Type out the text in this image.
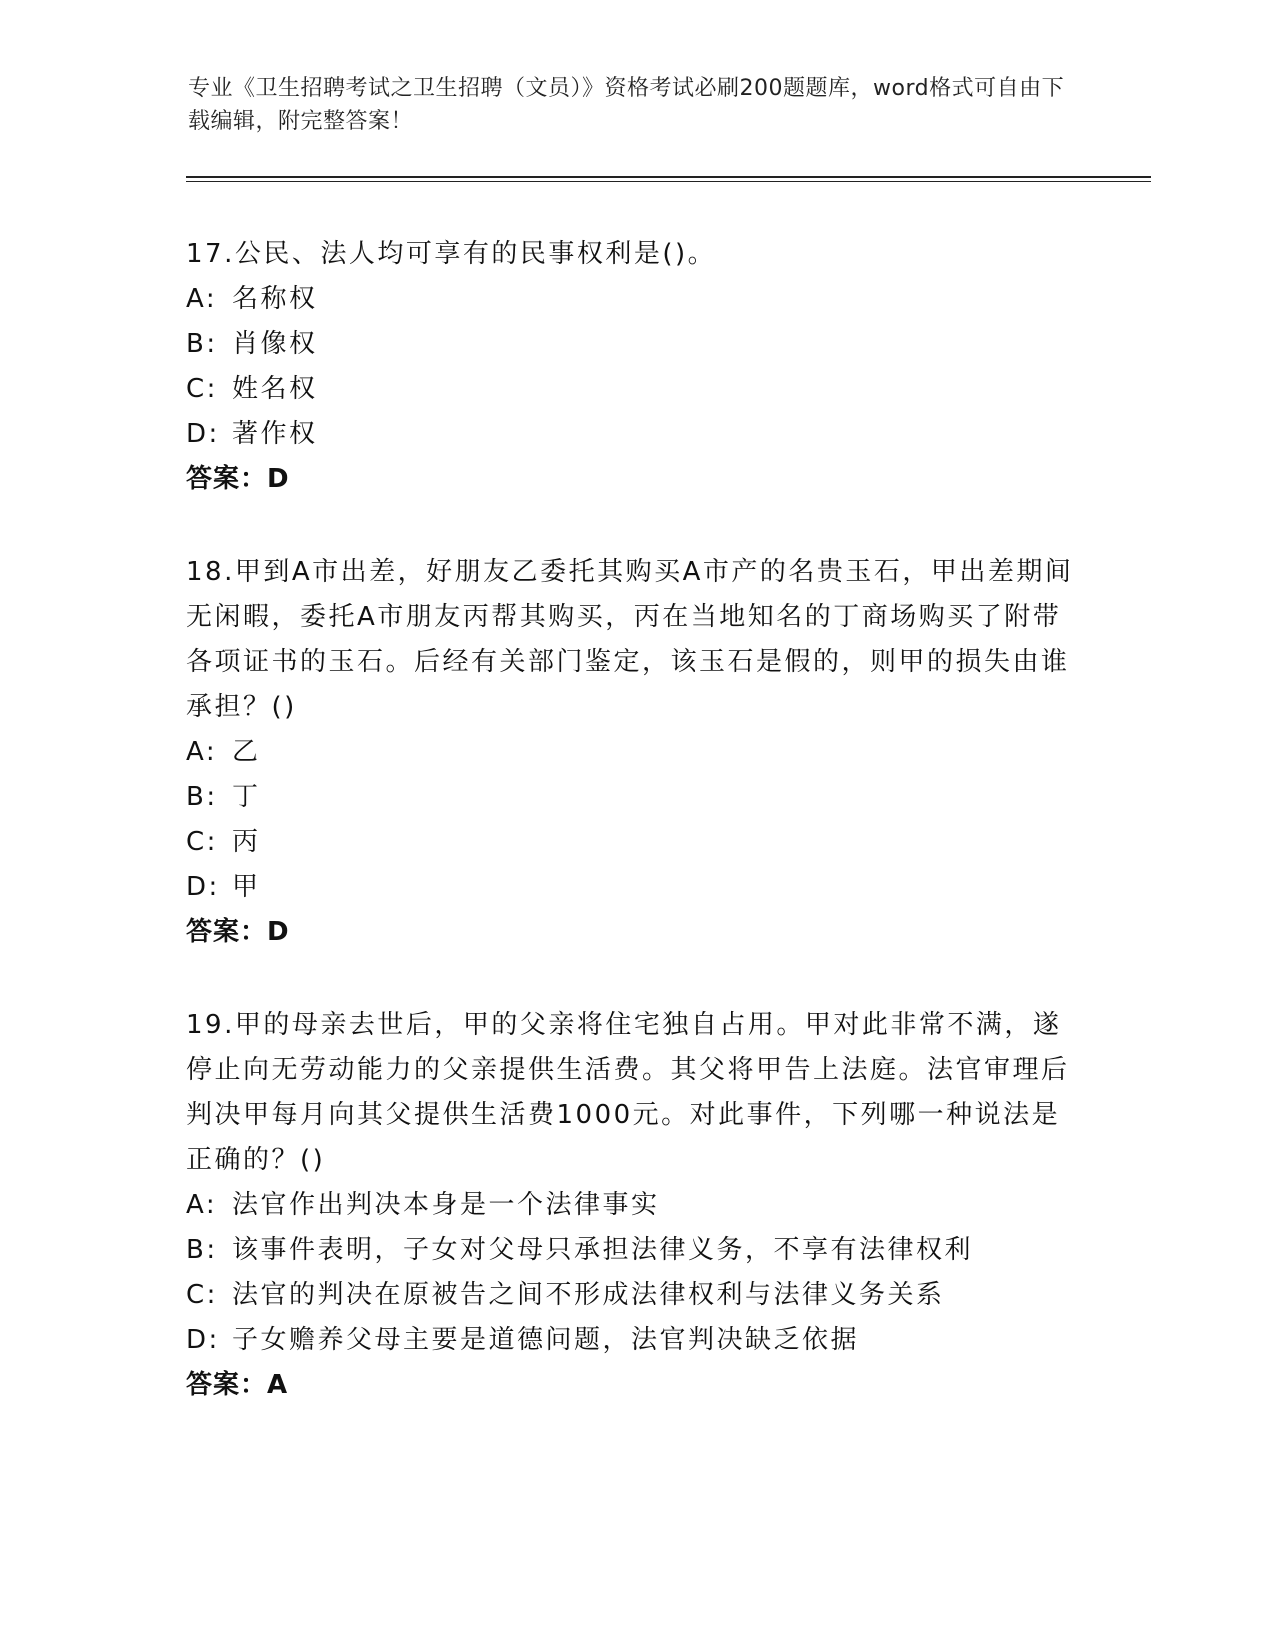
专业《卫生招聘考试之卫生招聘（文员）》资格考试必刷200题题库，word格式可自由下载编辑，附完整答案！

17.公民、法人均可享有的民事权利是()。

A: 名称权

B: 肖像权

C: 姓名权

D: 著作权

答案：D

18.甲到A市出差，好朋友乙委托其购买A市产的名贵玉石，甲出差期间无闲暇，委托A市朋友丙帮其购买，丙在当地知名的丁商场购买了附带各项证书的玉石。后经有关部门鉴定，该玉石是假的，则甲的损失由谁承担？()

A: 乙

B: 丁

C: 丙

D: 甲

答案：D

19.甲的母亲去世后，甲的父亲将住宅独自占用。甲对此非常不满，遂停止向无劳动能力的父亲提供生活费。其父将甲告上法庭。法官审理后判决甲每月向其父提供生活费1000元。对此事件，下列哪一种说法是正确的？()

A: 法官作出判决本身是一个法律事实

B: 该事件表明，子女对父母只承担法律义务，不享有法律权利

C: 法官的判决在原被告之间不形成法律权利与法律义务关系

D: 子女赡养父母主要是道德问题，法官判决缺乏依据

答案：A
